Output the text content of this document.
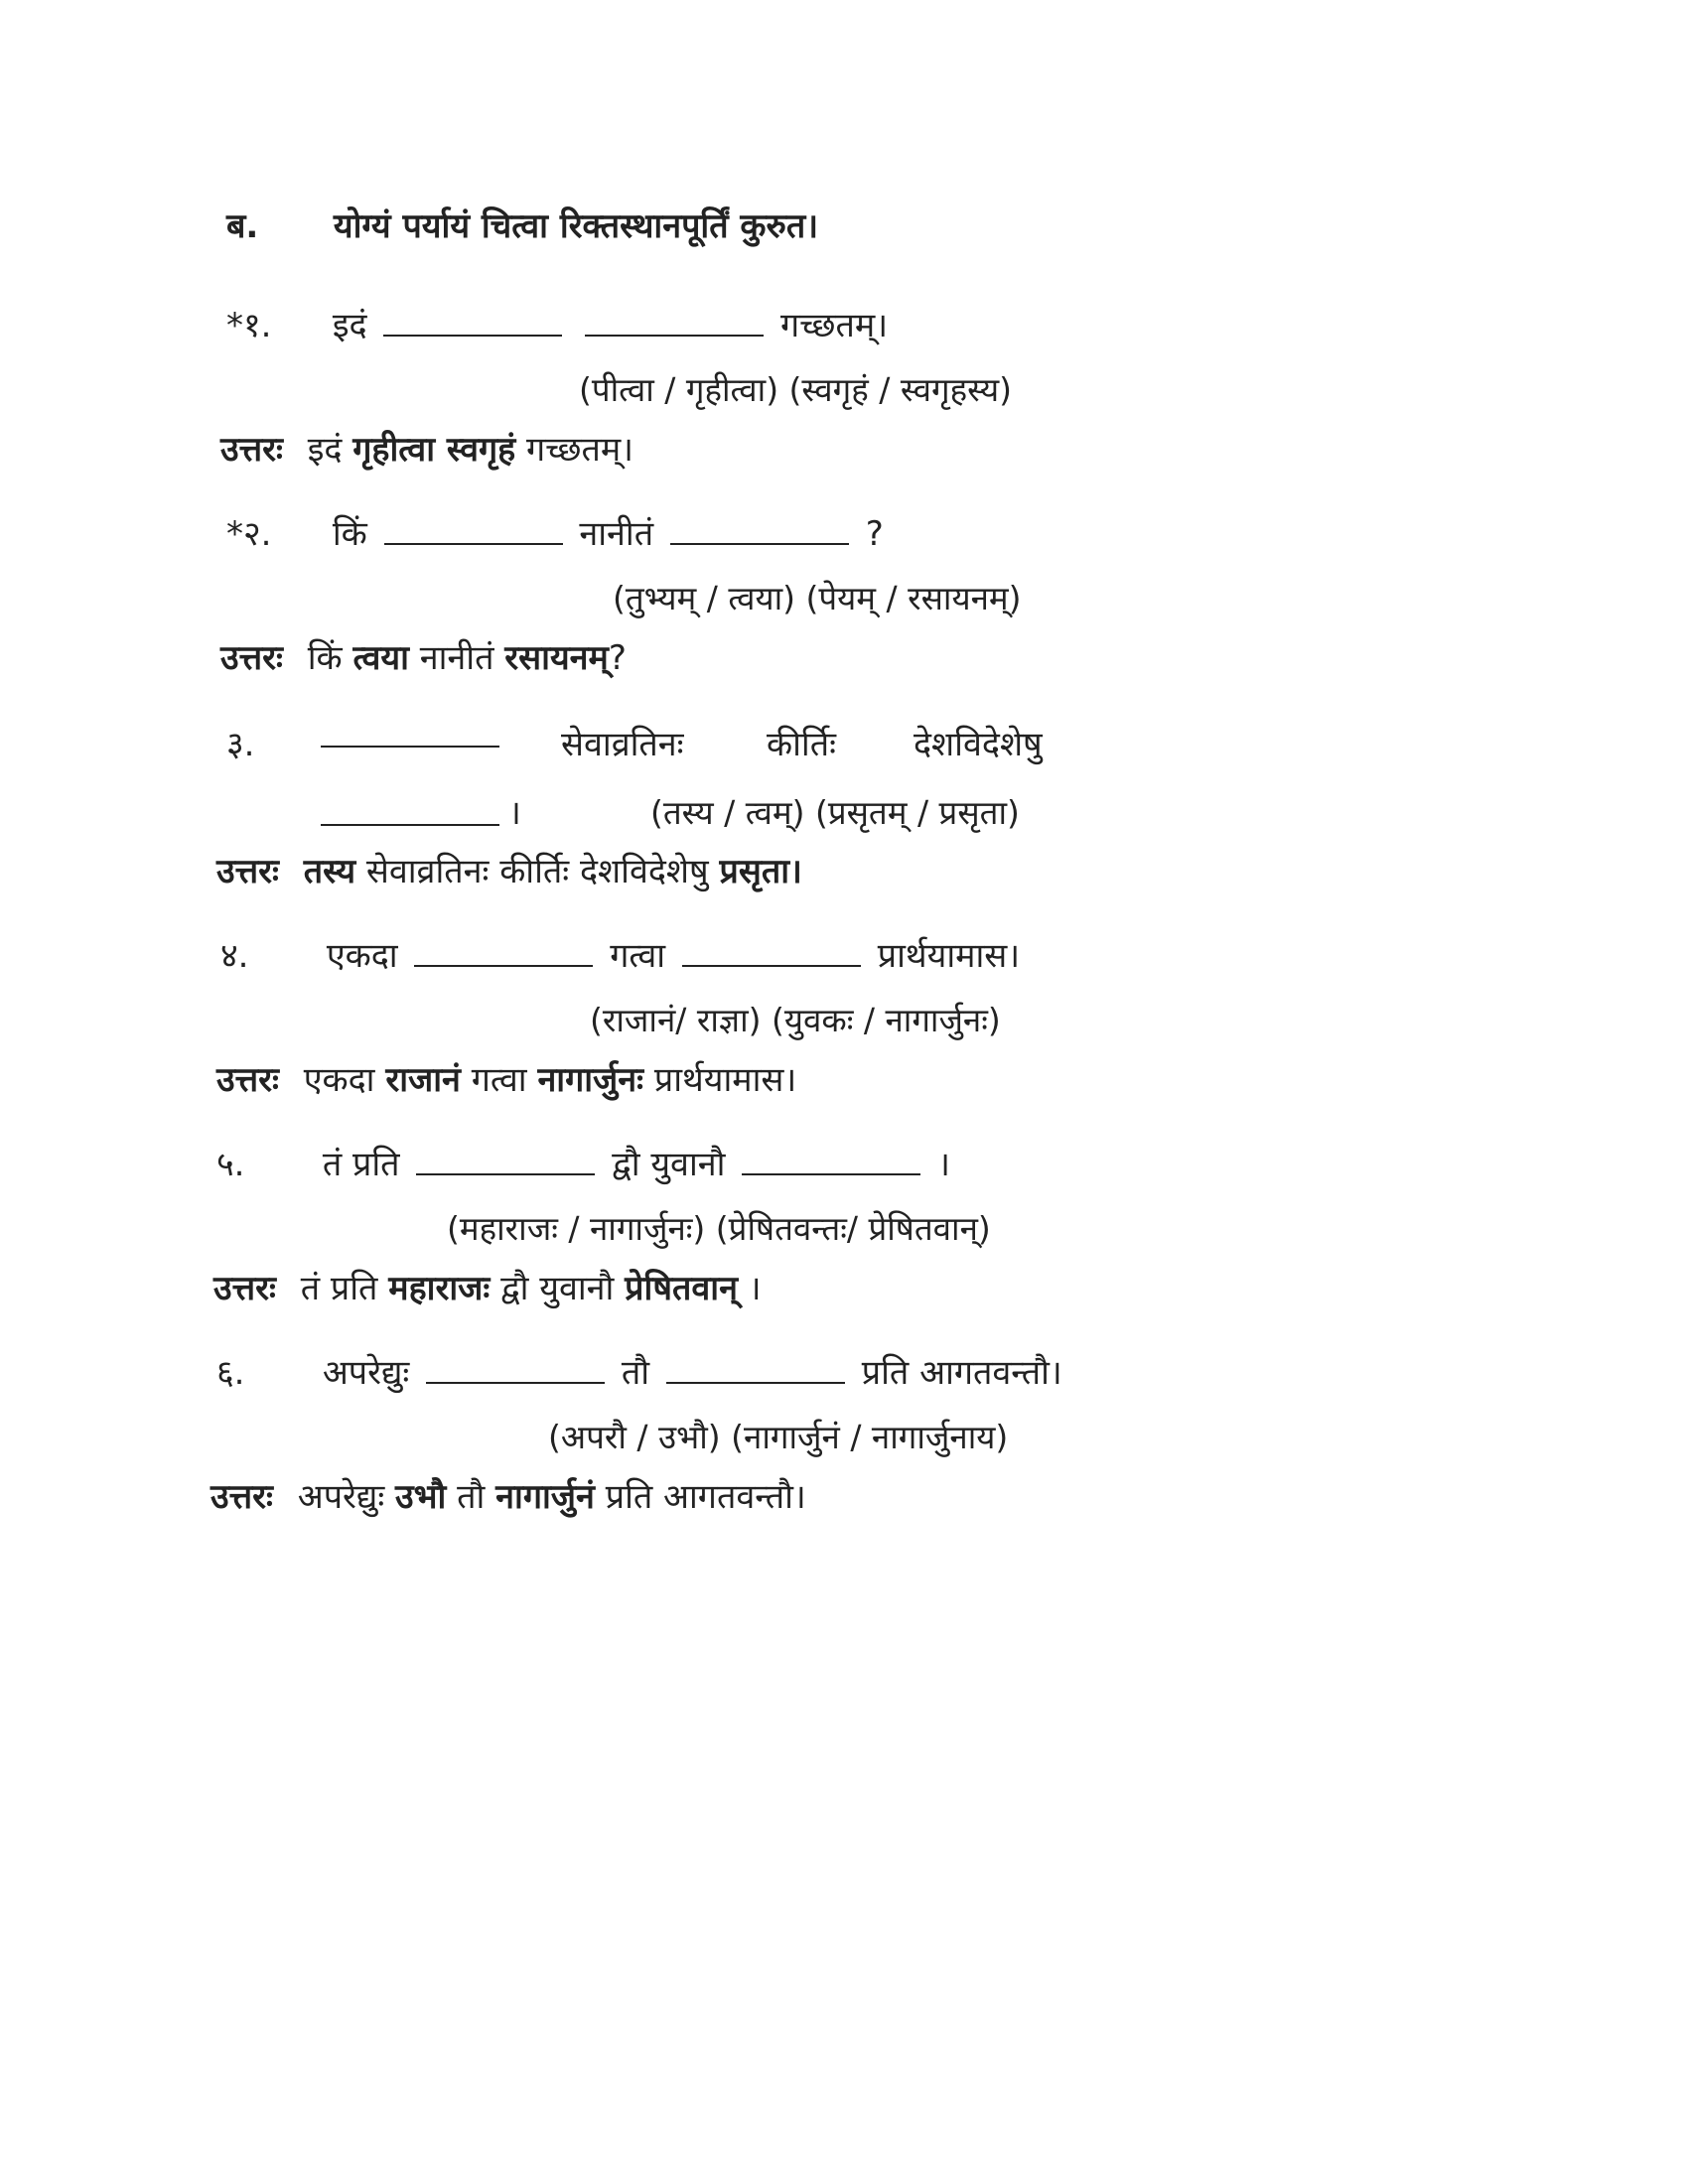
ब. योग्यं पर्यायं चित्वा रिक्तस्थानपूर्तिं कुरुत।
*१. इदं	गच्छतम्।
(पीत्वा / गृहीत्वा) (स्वगृहं / स्वगृहस्य)
उत्तरः इदं गृहीत्वा स्वगृहं गच्छतम्।
*२. किं	नानीतं	?
(तुभ्यम् / त्वया) (पेयम् / रसायनम्)
उत्तरः किं त्वया नानीतं रसायनम्?
३.	सेवाव्रतिनः कीर्तिः देशविदेशेषु
।	(तस्य / त्वम्) (प्रसृतम् / प्रसृता)
उत्तरः तस्य सेवाव्रतिनः कीर्तिः देशविदेशेषु प्रसृता।
४. एकदा	गत्वा	प्रार्थयामास।
(राजानं/ राज्ञा) (युवकः / नागार्जुनः)
उत्तरः एकदा राजानं गत्वा नागार्जुनः प्रार्थयामास।
५. तं प्रति	द्वौ युवानौ	।
(महाराजः / नागार्जुनः) (प्रेषितवन्तः/ प्रेषितवान्)
उत्तरः तं प्रति महाराजः द्वौ युवानौ प्रेषितवान् ।
६. अपरेद्युः	तौ	प्रति आगतवन्तौ।
(अपरौ / उभौ) (नागार्जुनं / नागार्जुनाय)
उत्तरः अपरेद्युः उभौ तौ नागार्जुनं प्रति आगतवन्तौ।
